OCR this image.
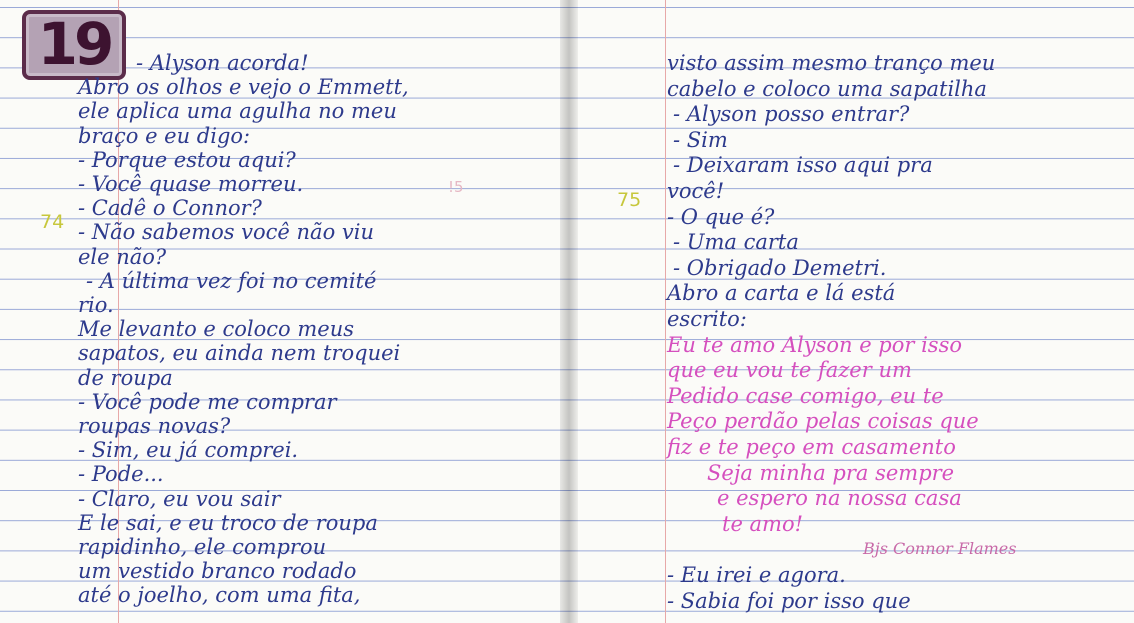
19
74
!5
- Alyson acorda!
Abro os olhos e vejo o Emmett,
ele aplica uma agulha no meu
braço e eu digo:
- Porque estou aqui?
- Você quase morreu.
- Cadê o Connor?
- Não sabemos você não viu
ele não?
- A última vez foi no cemité
rio.
Me levanto e coloco meus
sapatos, eu ainda nem troquei
de roupa
- Você pode me comprar
roupas novas?
- Sim, eu já comprei.
- Pode...
- Claro, eu vou sair
E le sai, e eu troco de roupa
rapidinho, ele comprou
um vestido branco rodado
até o joelho, com uma fita,
75
visto assim mesmo tranço meu
cabelo e coloco uma sapatilha
- Alyson posso entrar?
- Sim
- Deixaram isso aqui pra
você!
- O que é?
- Uma carta
- Obrigado Demetri.
Abro a carta e lá está
escrito:
Eu te amo Alyson e por isso
que eu vou te fazer um
Pedido case comigo, eu te
Peço perdão pelas coisas que
fiz e te peço em casamento
Seja minha pra sempre
e espero na nossa casa
te amo!
Bjs Connor Flames
- Eu irei e agora.
- Sabia foi por isso que
